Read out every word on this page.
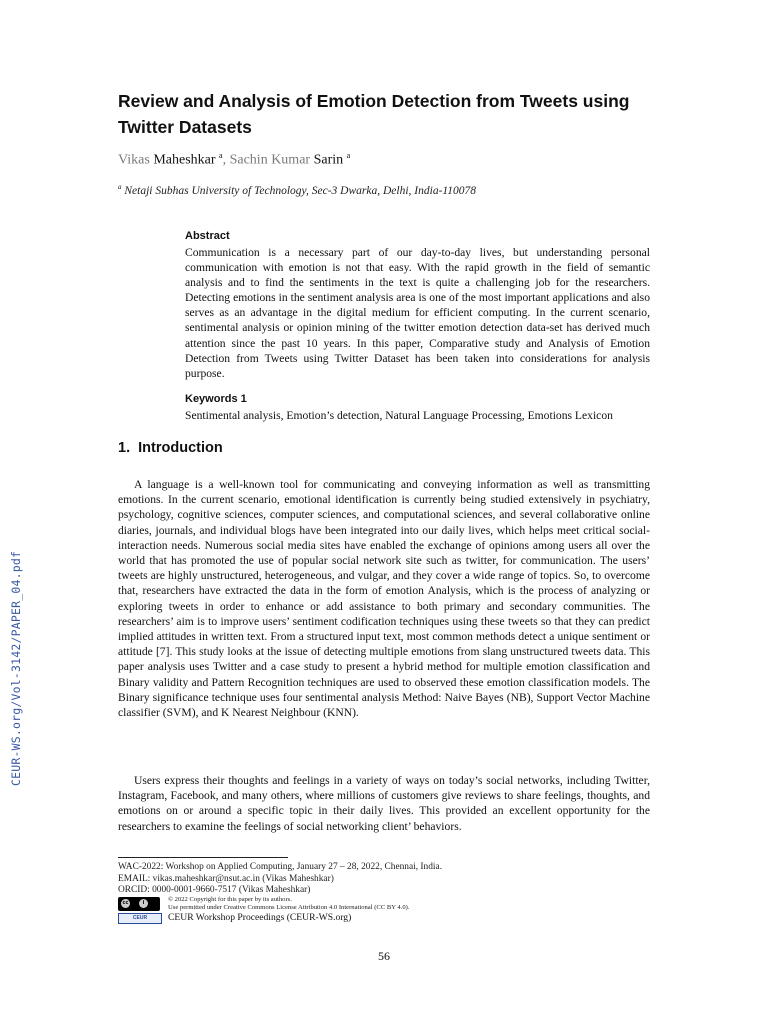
CEUR-WS.org/Vol-3142/PAPER_04.pdf
Review and Analysis of Emotion Detection from Tweets using Twitter Datasets
Vikas Maheshkar $^a$, Sachin Kumar Sarin $^a$
$^a$ Netaji Subhas University of Technology, Sec-3 Dwarka, Delhi, India-110078
Abstract
Communication is a necessary part of our day-to-day lives, but understanding personal communication with emotion is not that easy. With the rapid growth in the field of semantic analysis and to find the sentiments in the text is quite a challenging job for the researchers. Detecting emotions in the sentiment analysis area is one of the most important applications and also serves as an advantage in the digital medium for efficient computing. In the current scenario, sentimental analysis or opinion mining of the twitter emotion detection data-set has derived much attention since the past 10 years. In this paper, Comparative study and Analysis of Emotion Detection from Tweets using Twitter Dataset has been taken into considerations for analysis purpose.
Keywords 1
Sentimental analysis, Emotion’s detection, Natural Language Processing, Emotions Lexicon
1. Introduction
A language is a well-known tool for communicating and conveying information as well as transmitting emotions. In the current scenario, emotional identification is currently being studied extensively in psychiatry, psychology, cognitive sciences, computer sciences, and computational sciences, and several collaborative online diaries, journals, and individual blogs have been integrated into our daily lives, which helps meet critical social-interaction needs. Numerous social media sites have enabled the exchange of opinions among users all over the world that has promoted the use of popular social network site such as twitter, for communication. The users’ tweets are highly unstructured, heterogeneous, and vulgar, and they cover a wide range of topics. So, to overcome that, researchers have extracted the data in the form of emotion Analysis, which is the process of analyzing or exploring tweets in order to enhance or add assistance to both primary and secondary communities. The researchers’ aim is to improve users’ sentiment codification techniques using these tweets so that they can predict implied attitudes in written text. From a structured input text, most common methods detect a unique sentiment or attitude [7]. This study looks at the issue of detecting multiple emotions from slang unstructured tweets data. This paper analysis uses Twitter and a case study to present a hybrid method for multiple emotion classification and Binary validity and Pattern Recognition techniques are used to observed these emotion classification models. The Binary significance technique uses four sentimental analysis Method: Naive Bayes (NB), Support Vector Machine classifier (SVM), and K Nearest Neighbour (KNN).
Users express their thoughts and feelings in a variety of ways on today’s social networks, including Twitter, Instagram, Facebook, and many others, where millions of customers give reviews to share feelings, thoughts, and emotions on or around a specific topic in their daily lives. This provided an excellent opportunity for the researchers to examine the feelings of social networking client’ behaviors.
WAC-2022: Workshop on Applied Computing, January 27 – 28, 2022, Chennai, India.
EMAIL: vikas.maheshkar@nsut.ac.in (Vikas Maheshkar)
ORCID: 0000-0001-9660-7517 (Vikas Maheshkar)
cc	i	© 2022 Copyright for this paper by its authors.
Use permitted under Creative Commons License Attribution 4.0 International (CC BY 4.0).
CEUR	CEUR Workshop Proceedings (CEUR-WS.org)
56
